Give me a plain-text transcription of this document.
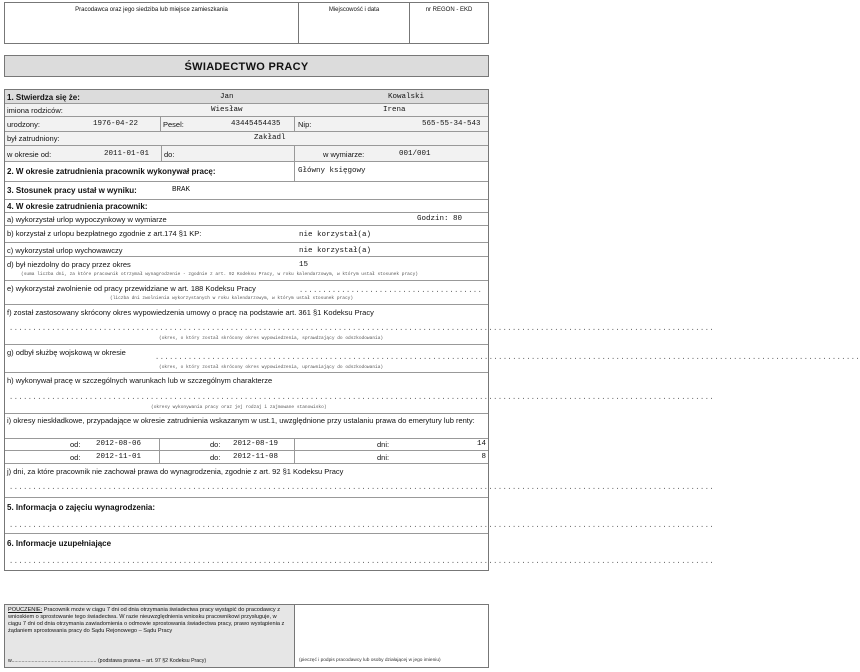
Pracodawca oraz jego siedziba lub miejsce zamieszkania	Miejscowość i data	nr REGON - EKD
ŚWIADECTWO PRACY
1. Stwierdza się że:	Jan	Kowalski
imiona rodziców:	Wiesław	Irena
urodzony:	1976-04-22	Pesel:	43445454435 Nip:	565-55-34-543
był zatrudniony:	Zakładl
w okresie od:	2011-01-01 do:	w wymiarze:	001/001
2. W okresie zatrudnienia pracownik wykonywał pracę:	Główny księgowy
3. Stosunek pracy ustał w wyniku:	BRAK
4. W okresie zatrudnienia pracownik:
a) wykorzystał urlop wypoczynkowy w wymiarze	Godzin: 80
b) korzystał z urlopu bezpłatnego zgodnie z art.174 §1 KP:	nie korzystał(a)
c) wykorzystał urlop wychowawczy	nie korzystał(a)
d) był niezdolny do pracy przez okres	15
(suma liczba dni, za które pracownik otrzymał wynagrodzenie - zgodnie z art. 92 Kodeksu Pracy, w roku kalendarzowym, w którym ustał stosunek pracy)
e) wykorzystał zwolnienie od pracy przewidziane w art. 188 Kodeksu Pracy	.......................................
(liczba dni zwolnienia wykorzystanych w roku kalendarzowym, w którym ustał stosunek pracy)
f) został zastosowany skrócony okres wypowiedzenia umowy o pracę na podstawie art. 361 §1 Kodeksu Pracy
......................................................................................................................................................
(okres, o który został skrócony okres wypowiedzenia, sprawdzający do odszkodowania)
g) odbył służbę wojskową w okresie
......................................................................................................................................................
(okres, o który został skrócony okres wypowiedzenia, uprawniający do odszkodowania)
h) wykonywał pracę w szczególnych warunkach lub w szczególnym charakterze
......................................................................................................................................................
(okresy wykonywania pracy oraz jej rodzaj i zajmowane stanowisko)
i) okresy nieskładkowe, przypadające w okresie zatrudnienia wskazanym w ust.1, uwzględnione przy ustalaniu prawa do emerytury lub renty:
od: 2012-08-06	do: 2012-08-19	dni:	14
od: 2012-11-01	do: 2012-11-08	dni:	8
j) dni, za które pracownik nie zachował prawa do wynagrodzenia, zgodnie z art. 92 §1 Kodeksu Pracy
......................................................................................................................................................
5. Informacja o zajęciu wynagrodzenia:
......................................................................................................................................................
6. Informacje uzupełniające
......................................................................................................................................................
POUCZENIE: Pracownik może w ciągu 7 dni od dnia otrzymania świadectwa pracy wystąpić do pracodawcy z wnioskiem o sprostowanie tego świadectwa. W razie nieuwzględnienia wniosku pracownikowi przysługuje, w ciągu 7 dni od dnia otrzymania zawiadomienia o odmowie sprostowania świadectwa pracy, prawo wystąpienia z żądaniem sprostowania pracy do Sądu Rejonowego – Sądu Pracy
w........................................................... (podstawa prawna – art. 97 §2 Kodeksu Pracy)	(pieczęć i podpis pracodawcy lub osoby działającej w jego imieniu)
